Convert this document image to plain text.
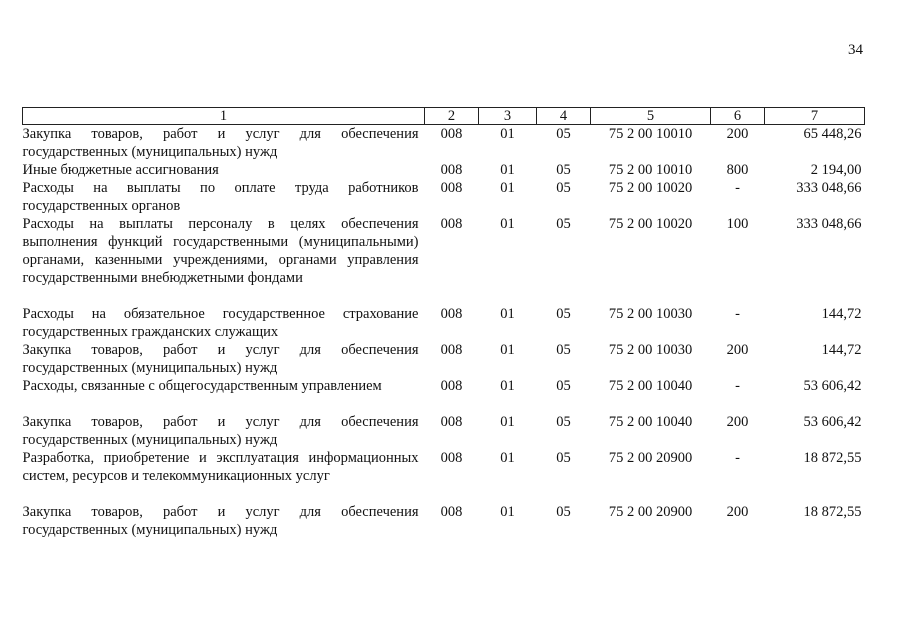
34
1	2	3	4	5	6	7
Закупка товаров, работ и услуг для обеспечения государственных (муниципальных) нужд	008	01	05	75 2 00 10010	200	65 448,26
Иные бюджетные ассигнования	008	01	05	75 2 00 10010	800	2 194,00
Расходы на выплаты по оплате труда работников государственных органов	008	01	05	75 2 00 10020	-	333 048,66
Расходы на выплаты персоналу в целях обеспечения выполнения функций государственными (муниципальными) органами, казенными учреждениями, органами управления государственными внебюджетными фондами	008	01	05	75 2 00 10020	100	333 048,66
Расходы на обязательное государственное страхование государственных гражданских служащих	008	01	05	75 2 00 10030	-	144,72
Закупка товаров, работ и услуг для обеспечения государственных (муниципальных) нужд	008	01	05	75 2 00 10030	200	144,72
Расходы, связанные с общегосударственным управлением	008	01	05	75 2 00 10040	-	53 606,42
Закупка товаров, работ и услуг для обеспечения государственных (муниципальных) нужд	008	01	05	75 2 00 10040	200	53 606,42
Разработка, приобретение и эксплуатация информационных систем, ресурсов и телекоммуникационных услуг	008	01	05	75 2 00 20900	-	18 872,55
Закупка товаров, работ и услуг для обеспечения государственных (муниципальных) нужд	008	01	05	75 2 00 20900	200	18 872,55
